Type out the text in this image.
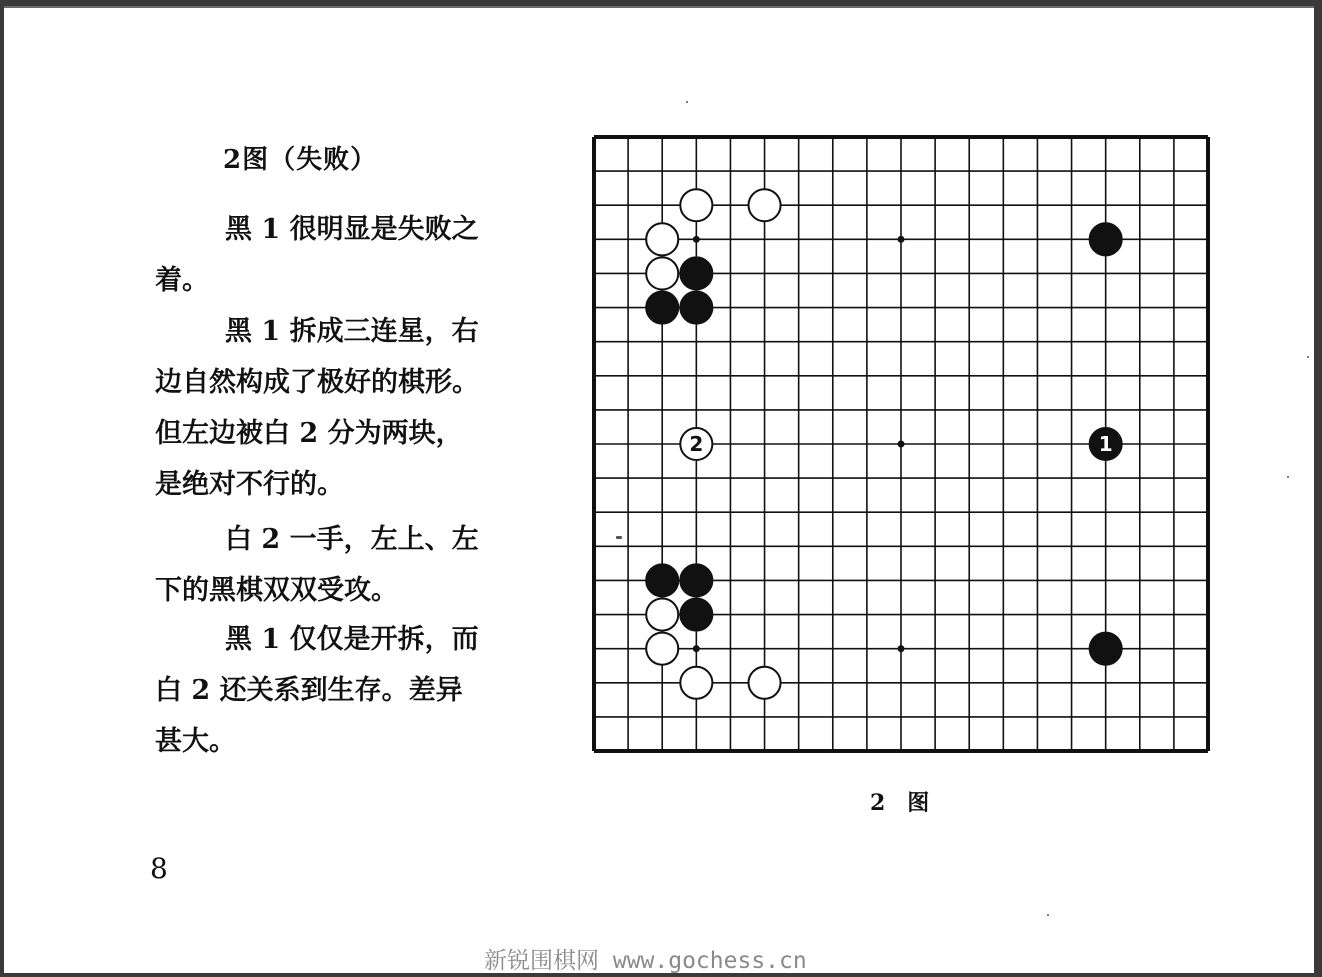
2图（失败）
黑 1 很明显是失败之
着。
黑 1 拆成三连星，右
边自然构成了极好的棋形。
但左边被白 2 分为两块，
是绝对不行的。
白 2 一手，左上、左
下的黑棋双双受攻。
黑 1 仅仅是开拆，而
白 2 还关系到生存。差异
甚大。
2	1
2　图
8
新锐围棋网 www.gochess.cn
